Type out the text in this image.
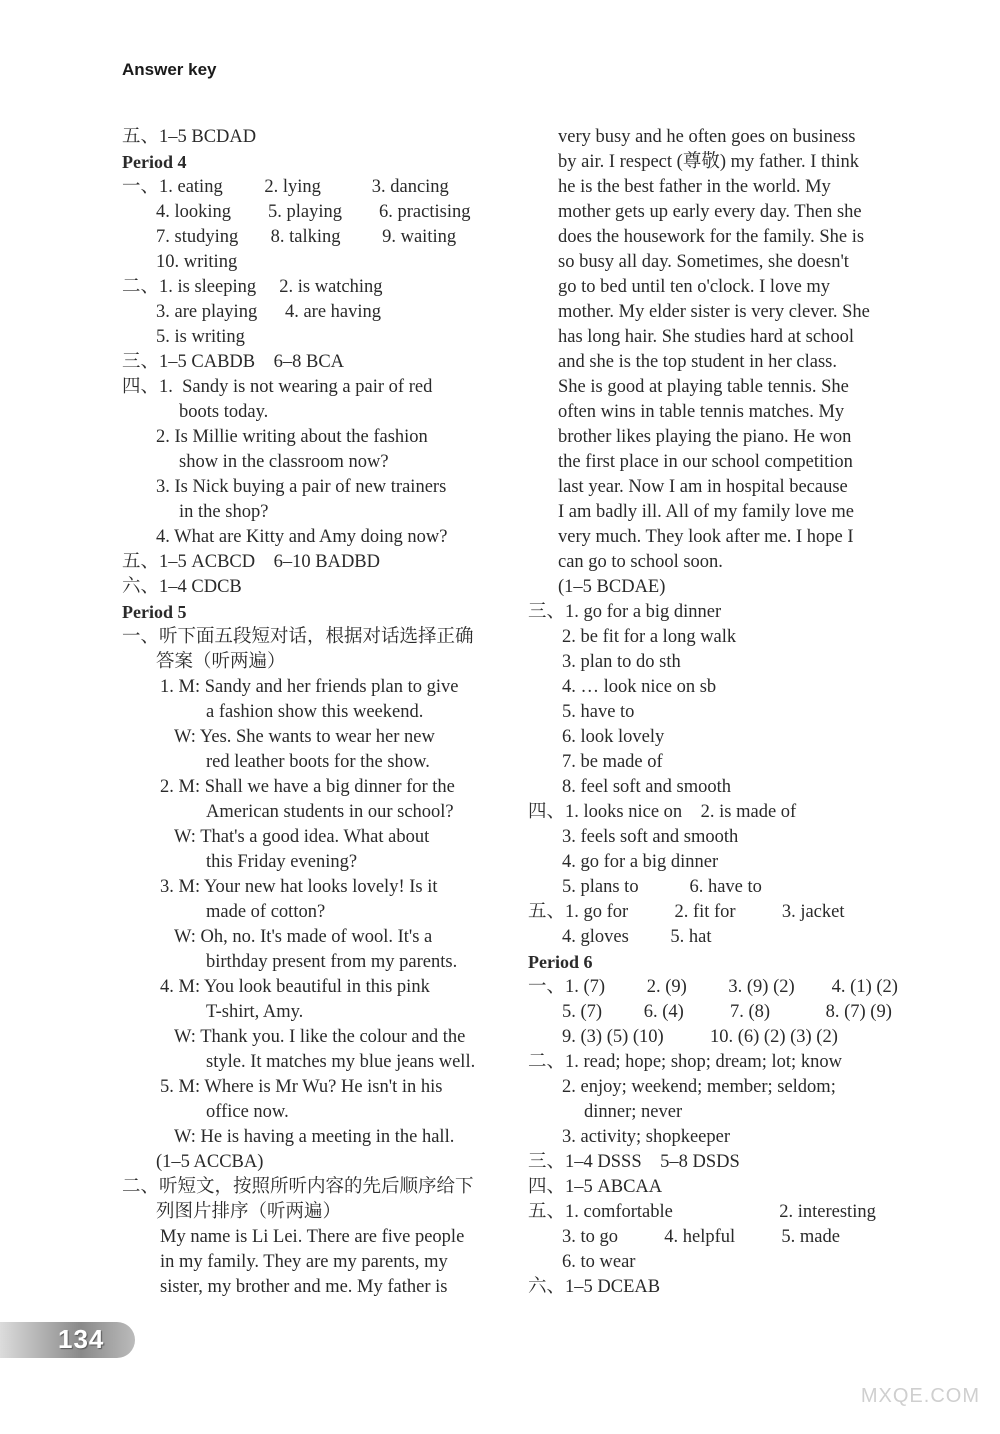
Answer key
五、1–5 BCDAD
Period 4
一、1. eating         2. lying           3. dancing
4. looking        5. playing        6. practising
7. studying       8. talking         9. waiting
10. writing
二、1. is sleeping     2. is watching
3. are playing      4. are having
5. is writing
三、1–5 CABDB    6–8 BCA
四、1.  Sandy is not wearing a pair of red
boots today.
2. Is Millie writing about the fashion
show in the classroom now?
3. Is Nick buying a pair of new trainers
in the shop?
4. What are Kitty and Amy doing now?
五、1–5 ACBCD    6–10 BADBD
六、1–4 CDCB
Period 5
一、听下面五段短对话，根据对话选择正确
答案（听两遍）
1. M: Sandy and her friends plan to give
a fashion show this weekend.
W: Yes. She wants to wear her new
red leather boots for the show.
2. M: Shall we have a big dinner for the
American students in our school?
W: That's a good idea. What about
this Friday evening?
3. M: Your new hat looks lovely! Is it
made of cotton?
W: Oh, no. It's made of wool. It's a
birthday present from my parents.
4. M: You look beautiful in this pink
T-shirt, Amy.
W: Thank you. I like the colour and the
style. It matches my blue jeans well.
5. M: Where is Mr Wu? He isn't in his
office now.
W: He is having a meeting in the hall.
(1–5 ACCBA)
二、听短文，按照所听内容的先后顺序给下
列图片排序（听两遍）
My name is Li Lei. There are five people
in my family. They are my parents, my
sister, my brother and me. My father is
very busy and he often goes on business
by air. I respect (尊敬) my father. I think
he is the best father in the world. My
mother gets up early every day. Then she
does the housework for the family. She is
so busy all day. Sometimes, she doesn't
go to bed until ten o'clock. I love my
mother. My elder sister is very clever. She
has long hair. She studies hard at school
and she is the top student in her class.
She is good at playing table tennis. She
often wins in table tennis matches. My
brother likes playing the piano. He won
the first place in our school competition
last year. Now I am in hospital because
I am badly ill. All of my family love me
very much. They look after me. I hope I
can go to school soon.
(1–5 BCDAE)
三、1. go for a big dinner
2. be fit for a long walk
3. plan to do sth
4. … look nice on sb
5. have to
6. look lovely
7. be made of
8. feel soft and smooth
四、1. looks nice on    2. is made of
3. feels soft and smooth
4. go for a big dinner
5. plans to           6. have to
五、1. go for          2. fit for          3. jacket
4. gloves         5. hat
Period 6
一、1. (7)         2. (9)         3. (9) (2)        4. (1) (2)
5. (7)         6. (4)          7. (8)            8. (7) (9)
9. (3) (5) (10)          10. (6) (2) (3) (2)
二、1. read; hope; shop; dream; lot; know
2. enjoy; weekend; member; seldom;
dinner; never
3. activity; shopkeeper
三、1–4 DSSS    5–8 DSDS
四、1–5 ABCAA
五、1. comfortable                       2. interesting
3. to go          4. helpful          5. made
6. to wear
六、1–5 DCEAB
134
MXQE.COM
